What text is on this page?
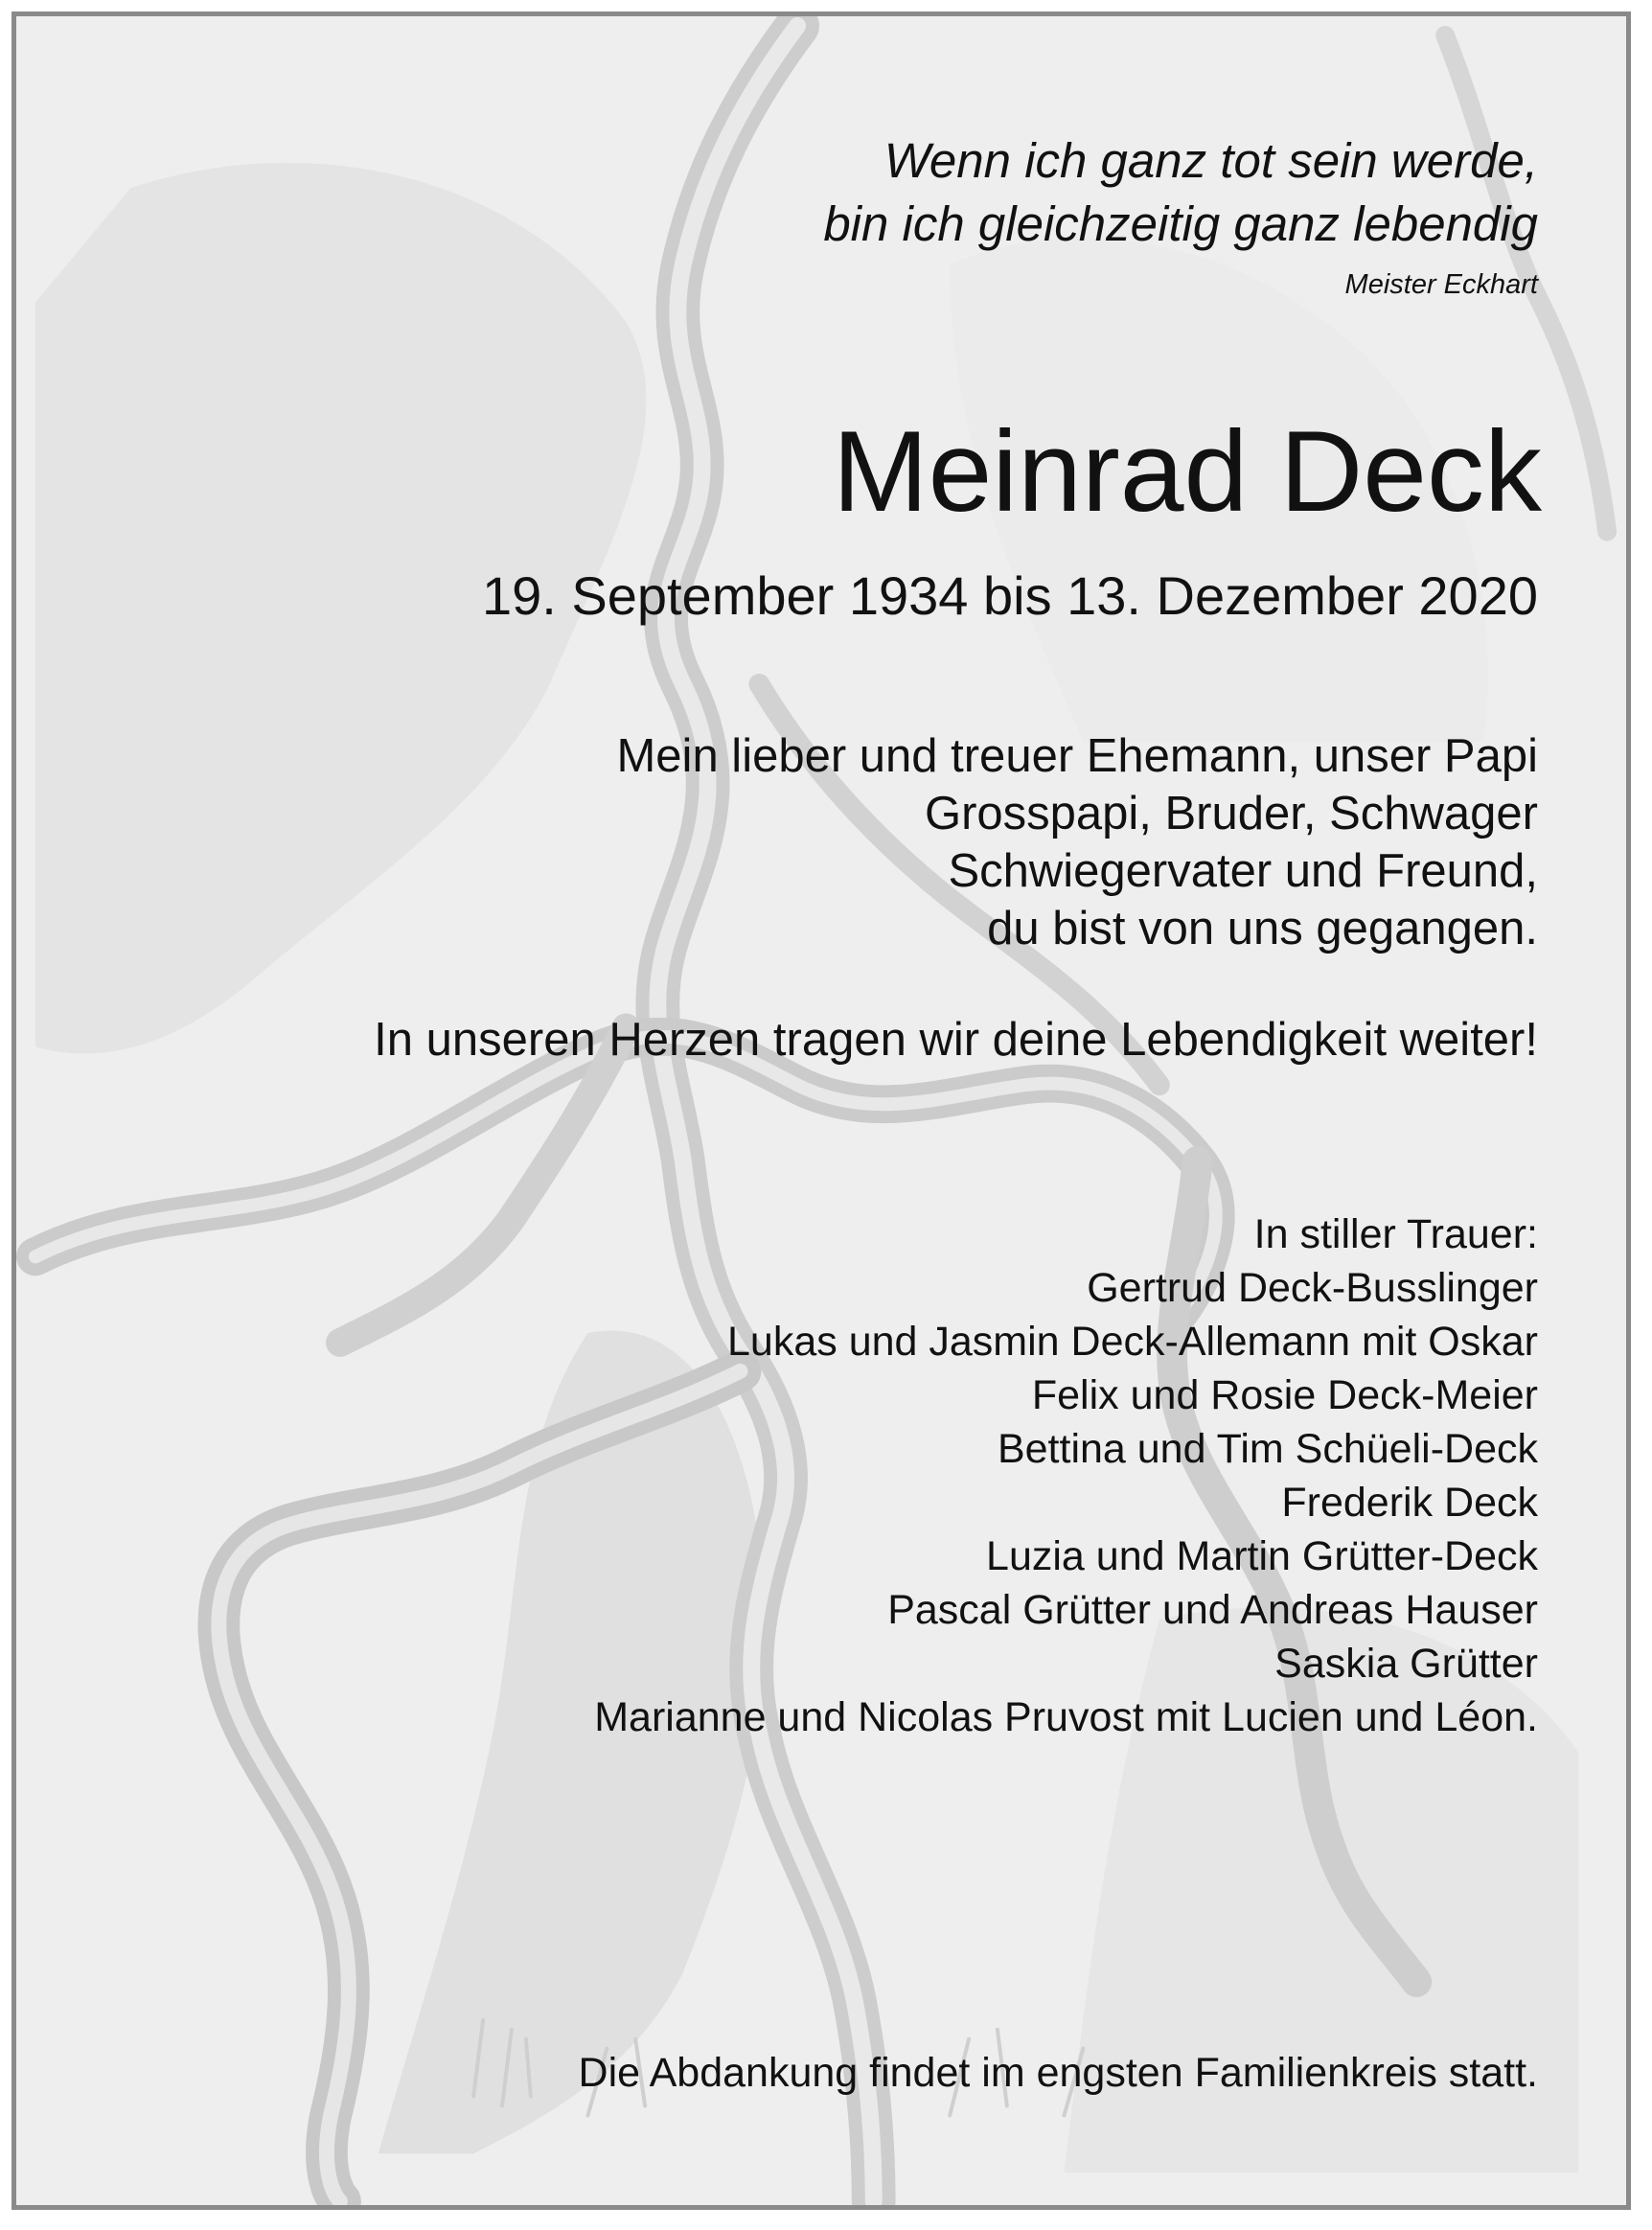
Wenn ich ganz tot sein werde,
bin ich gleichzeitig ganz lebendig
Meister Eckhart
Meinrad Deck
19. September 1934 bis 13. Dezember 2020
Mein lieber und treuer Ehemann, unser Papi
Grosspapi, Bruder, Schwager
Schwiegervater und Freund,
du bist von uns gegangen.
In unseren Herzen tragen wir deine Lebendigkeit weiter!
In stiller Trauer:
Gertrud Deck-Busslinger
Lukas und Jasmin Deck-Allemann mit Oskar
Felix und Rosie Deck-Meier
Bettina und Tim Schüeli-Deck
Frederik Deck
Luzia und Martin Grütter-Deck
Pascal Grütter und Andreas Hauser
Saskia Grütter
Marianne und Nicolas Pruvost mit Lucien und Léon.
Die Abdankung findet im engsten Familienkreis statt.
